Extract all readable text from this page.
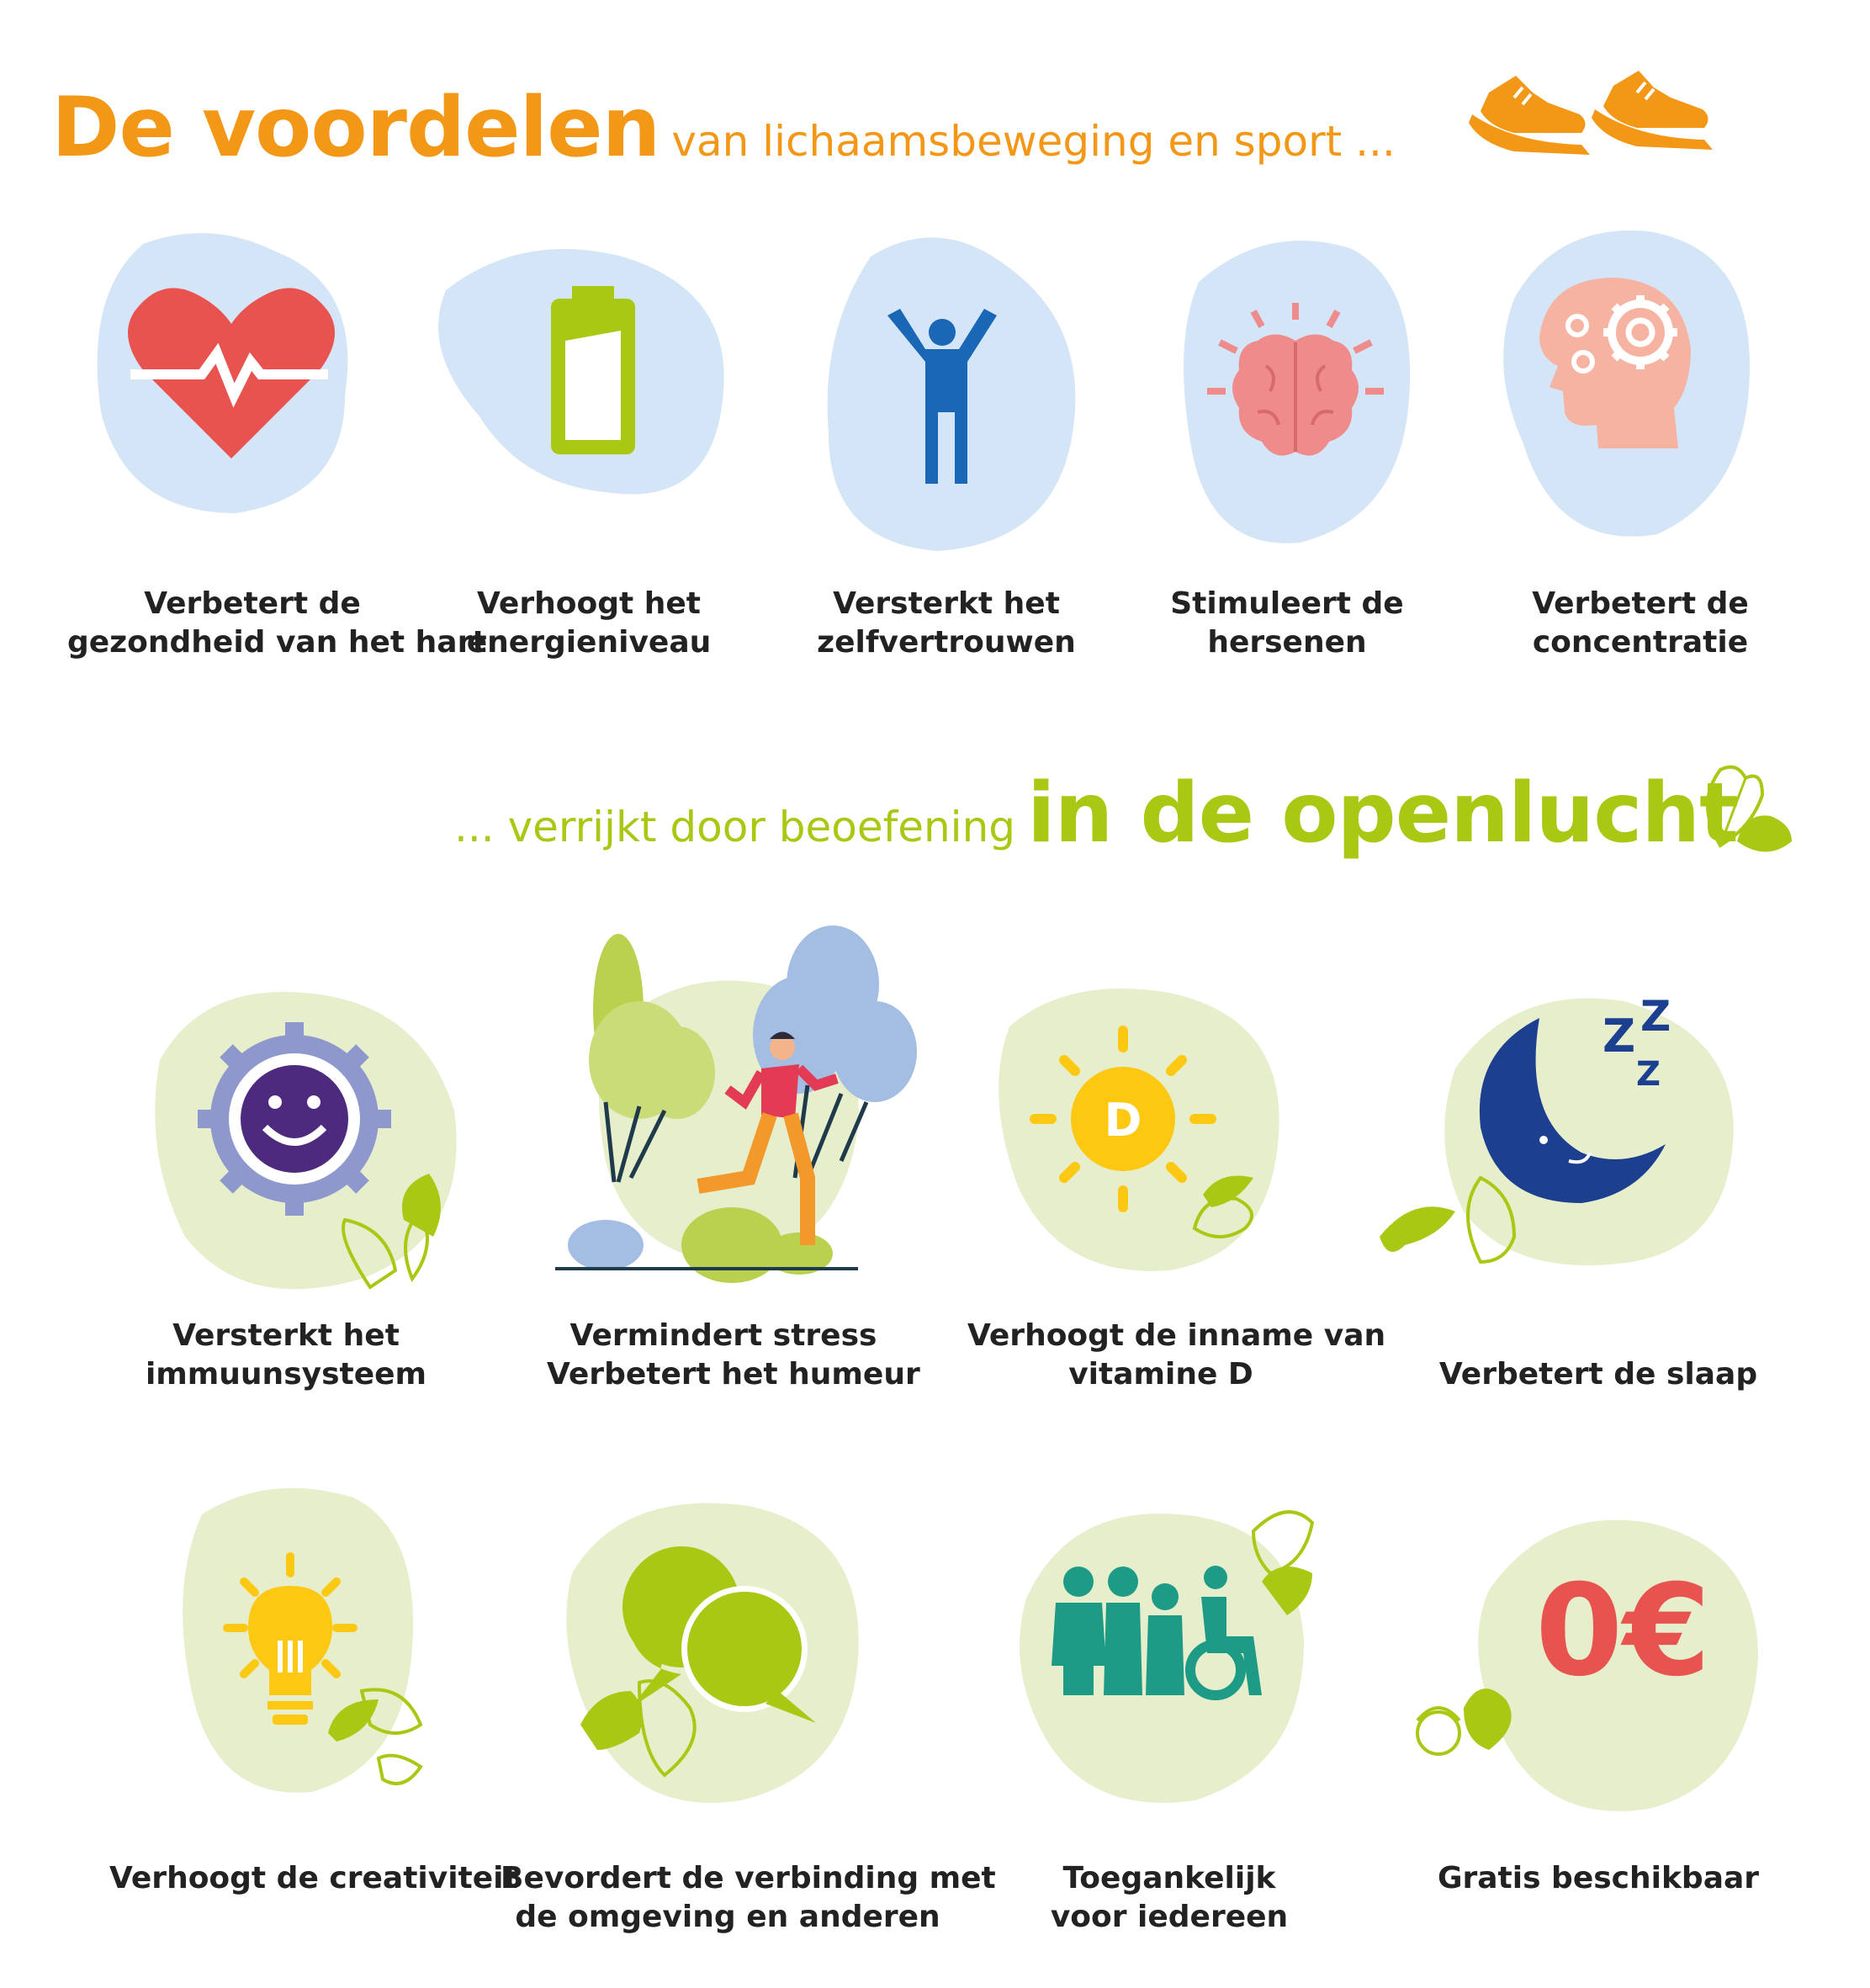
De voordelen van lichaamsbeweging en sport ...
Verbetert de
gezondheid van het hart
Verhoogt het
energieniveau
Versterkt het
zelfvertrouwen
Stimuleert de
hersenen
Verbetert de
concentratie
... verrijkt door beoefening in de openlucht
Versterkt het
immuunsysteem
Vermindert stress
Verbetert het humeur
D
Verhoogt de inname van
vitamine D
Z Z
Z
Verbetert de slaap
Verhoogt de creativiteit
Bevordert de verbinding met
de omgeving en anderen
Toegankelijk
voor iedereen
0€
Gratis beschikbaar
